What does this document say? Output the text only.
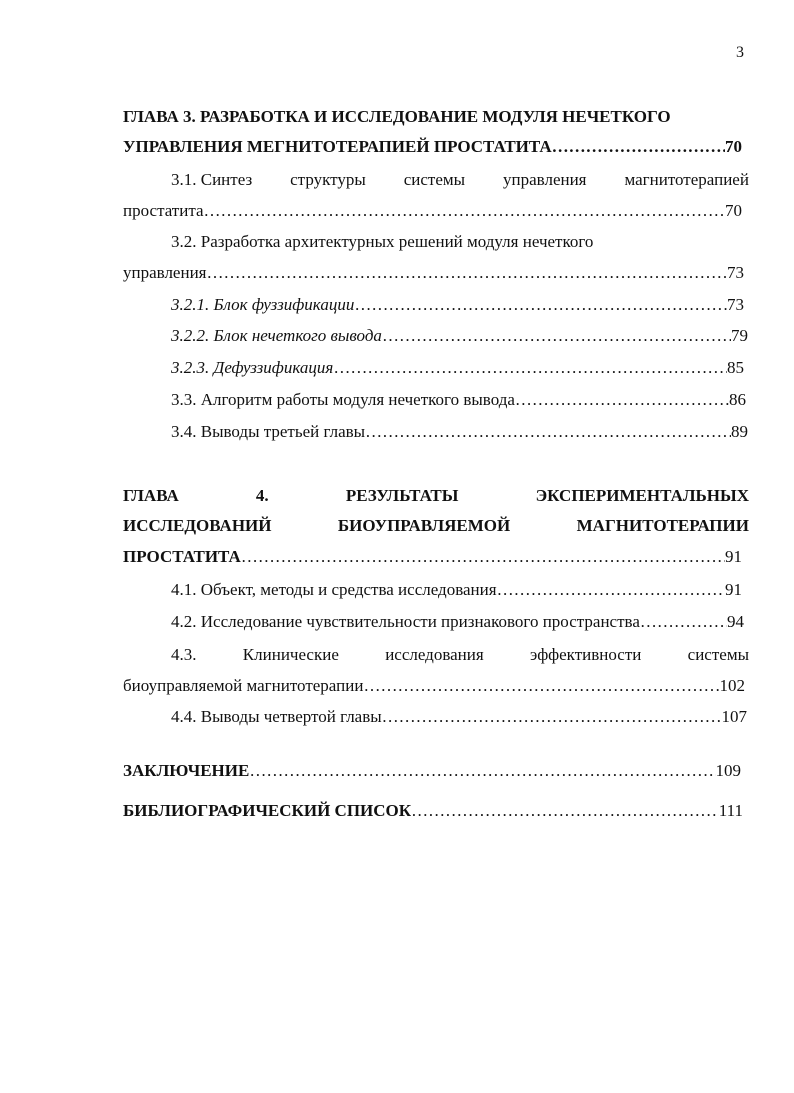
3
ГЛАВА 3. РАЗРАБОТКА И ИССЛЕДОВАНИЕ МОДУЛЯ НЕЧЕТКОГО
УПРАВЛЕНИЯ МЕГНИТОТЕРАПИЕЙ ПРОСТАТИТА …………………………………………………………………………………………………………………………………………………………	70
3.1. Синтез структуры системы управления магнитотерапией
простатита …………………………………………………………………………………………………………………………………………………………	70
3.2. Разработка архитектурных решений модуля нечеткого
управления …………………………………………………………………………………………………………………………………………………………	73
3.2.1. Блок фуззификации …………………………………………………………………………………………………………………………………………………………	73
3.2.2. Блок нечеткого вывода …………………………………………………………………………………………………………………………………………………………	79
3.2.3. Дефуззификация …………………………………………………………………………………………………………………………………………………………	85
3.3. Алгоритм работы модуля нечеткого вывода …………………………………………………………………………………………………………………………………………………………	86
3.4. Выводы третьей главы …………………………………………………………………………………………………………………………………………………………	89
ГЛАВА	4.	РЕЗУЛЬТАТЫ	ЭКСПЕРИМЕНТАЛЬНЫХ
ИССЛЕДОВАНИЙ	БИОУПРАВЛЯЕМОЙ	МАГНИТОТЕРАПИИ
ПРОСТАТИТА …………………………………………………………………………………………………………………………………………………………	91
4.1. Объект, методы и средства исследования …………………………………………………………………………………………………………………………………………………………	91
4.2. Исследование чувствительности признакового пространства …………………………………………………………………………………………………………………………………………………………	94
4.3.	Клинические	исследования	эффективности	системы
биоуправляемой магнитотерапии …………………………………………………………………………………………………………………………………………………………	102
4.4. Выводы четвертой главы …………………………………………………………………………………………………………………………………………………………	107
ЗАКЛЮЧЕНИЕ …………………………………………………………………………………………………………………………………………………………	109
БИБЛИОГРАФИЧЕСКИЙ СПИСОК …………………………………………………………………………………………………………………………………………………………	111
